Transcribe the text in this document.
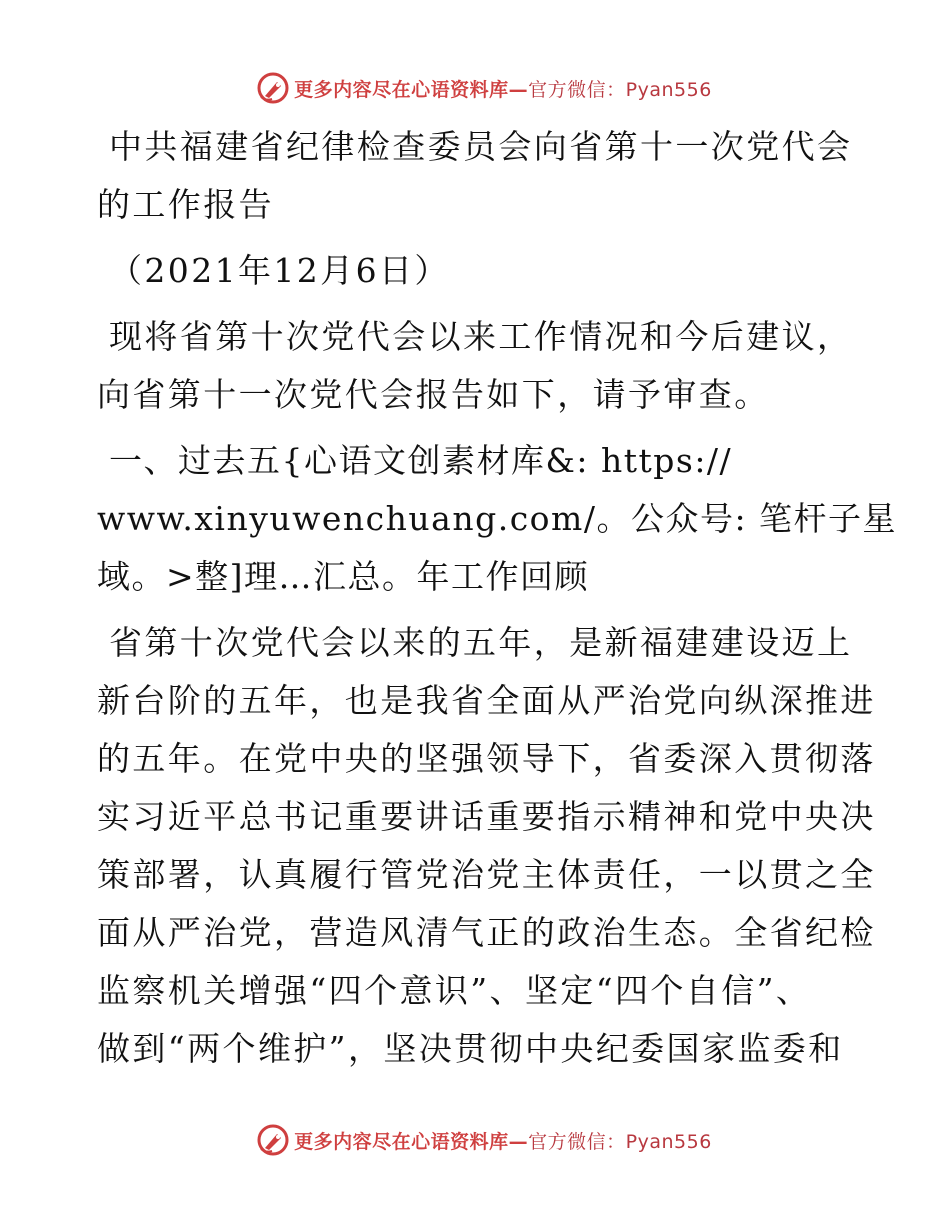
更多内容尽在心语资料库—官方微信：Pyan556
中共福建省纪律检查委员会向省第十一次党代会
的工作报告

（2021年12月6日）

现将省第十次党代会以来工作情况和今后建议，
向省第十一次党代会报告如下，请予审查。

一、过去五{心语文创素材库&: https://
www.xinyuwenchuang.com/。公众号: 笔杆子星
域。>整]理…汇总。年工作回顾

省第十次党代会以来的五年，是新福建建设迈上
新台阶的五年，也是我省全面从严治党向纵深推进
的五年。在党中央的坚强领导下，省委深入贯彻落
实习近平总书记重要讲话重要指示精神和党中央决
策部署，认真履行管党治党主体责任，一以贯之全
面从严治党，营造风清气正的政治生态。全省纪检
监察机关增强“四个意识”、坚定“四个自信”、
做到“两个维护”，坚决贯彻中央纪委国家监委和

更多内容尽在心语资料库—官方微信：Pyan556
